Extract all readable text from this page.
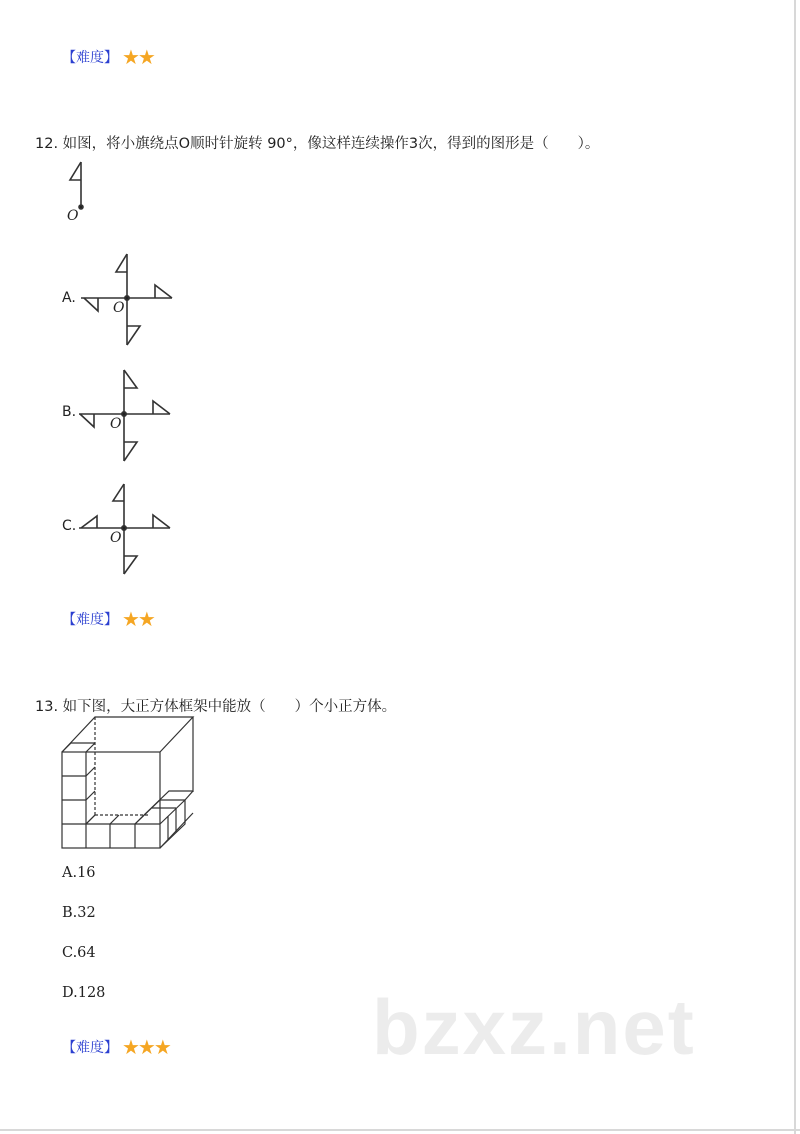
【难度】 ★★
12. 如图，将小旗绕点O顺时针旋转 90°，像这样连续操作3次，得到的图形是（　　）。
O
A.
O
B.
O
C.
O
【难度】 ★★
13. 如下图，大正方体框架中能放（　　）个小正方体。
A.16
B.32
C.64
D.128
【难度】 ★★★	bzxz.net
